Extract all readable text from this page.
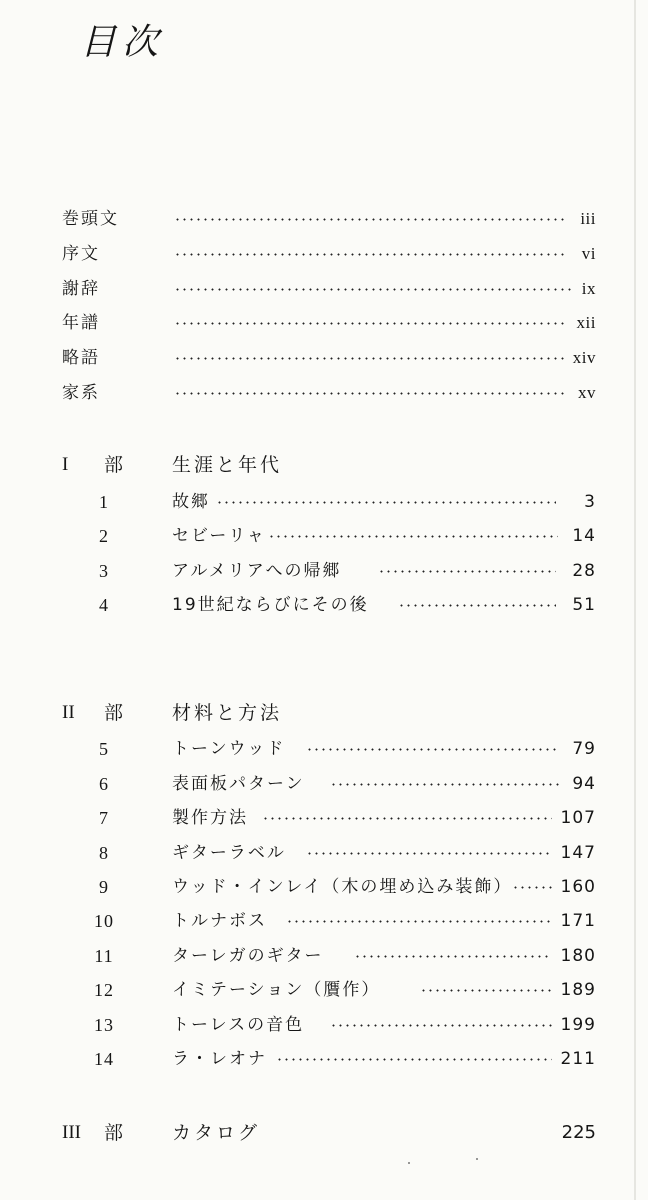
目次
巻頭文	iii
序文	vi
謝辞	ix
年譜	xii
略語	xiv
家系	xv
I 部	生涯と年代
1	故郷	3
2	セビーリャ	14
3	アルメリアへの帰郷	28
4	19世紀ならびにその後	51
II 部	材料と方法
5	トーンウッド	79
6	表面板パターン	94
7	製作方法	107
8	ギターラベル	147
9	ウッド・インレイ（木の埋め込み装飾）	160
10	トルナボス	171
11	ターレガのギター	180
12	イミテーション（贋作）	189
13	トーレスの音色	199
14	ラ・レオナ	211
III 部	カタログ	225
